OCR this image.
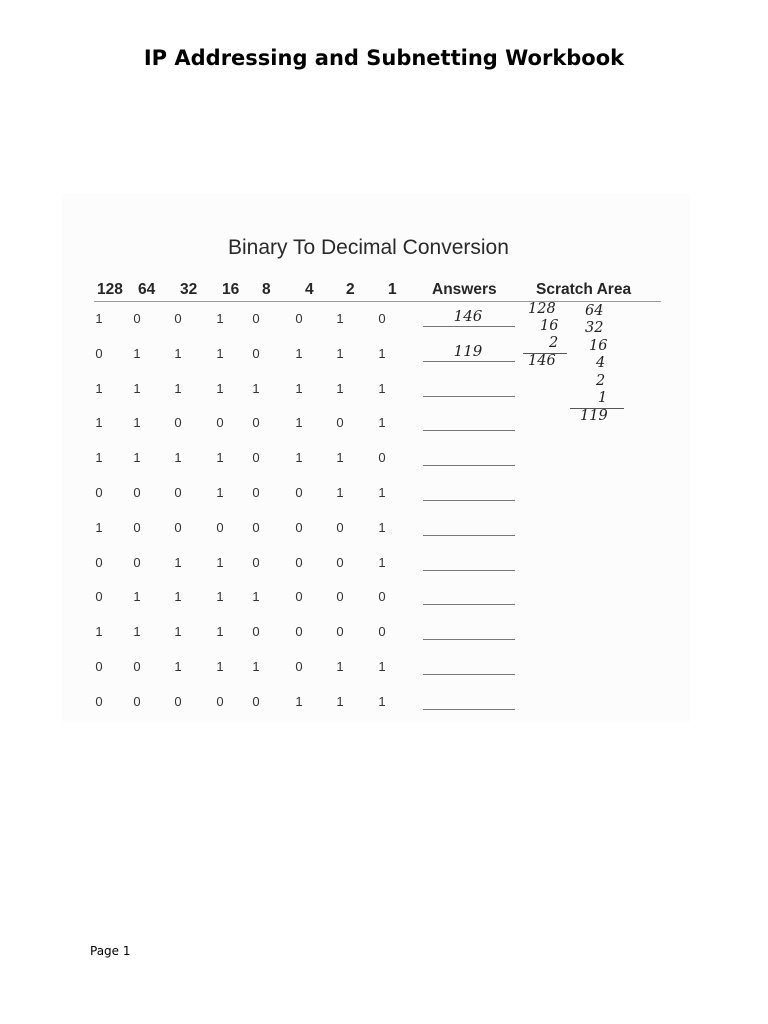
IP Addressing and Subnetting Workbook
Binary To Decimal Conversion
128 64 32 16 8 4 2 1 Answers	Scratch Area
1	0	0	1	0	0	1	0	146
0	1	1	1	0	1	1	1	119
1	1	1	1	1	1	1	1
1	1	0	0	0	1	0	1
1	1	1	1	0	1	1	0
0	0	0	1	0	0	1	1
1	0	0	0	0	0	0	1
0	0	1	1	0	0	0	1
0	1	1	1	1	0	0	0
1	1	1	1	0	0	0	0
0	0	1	1	1	0	1	1
0	0	0	0	0	1	1	1
128
16
2
146
64
32
16
4
2
1
119
Page 1
